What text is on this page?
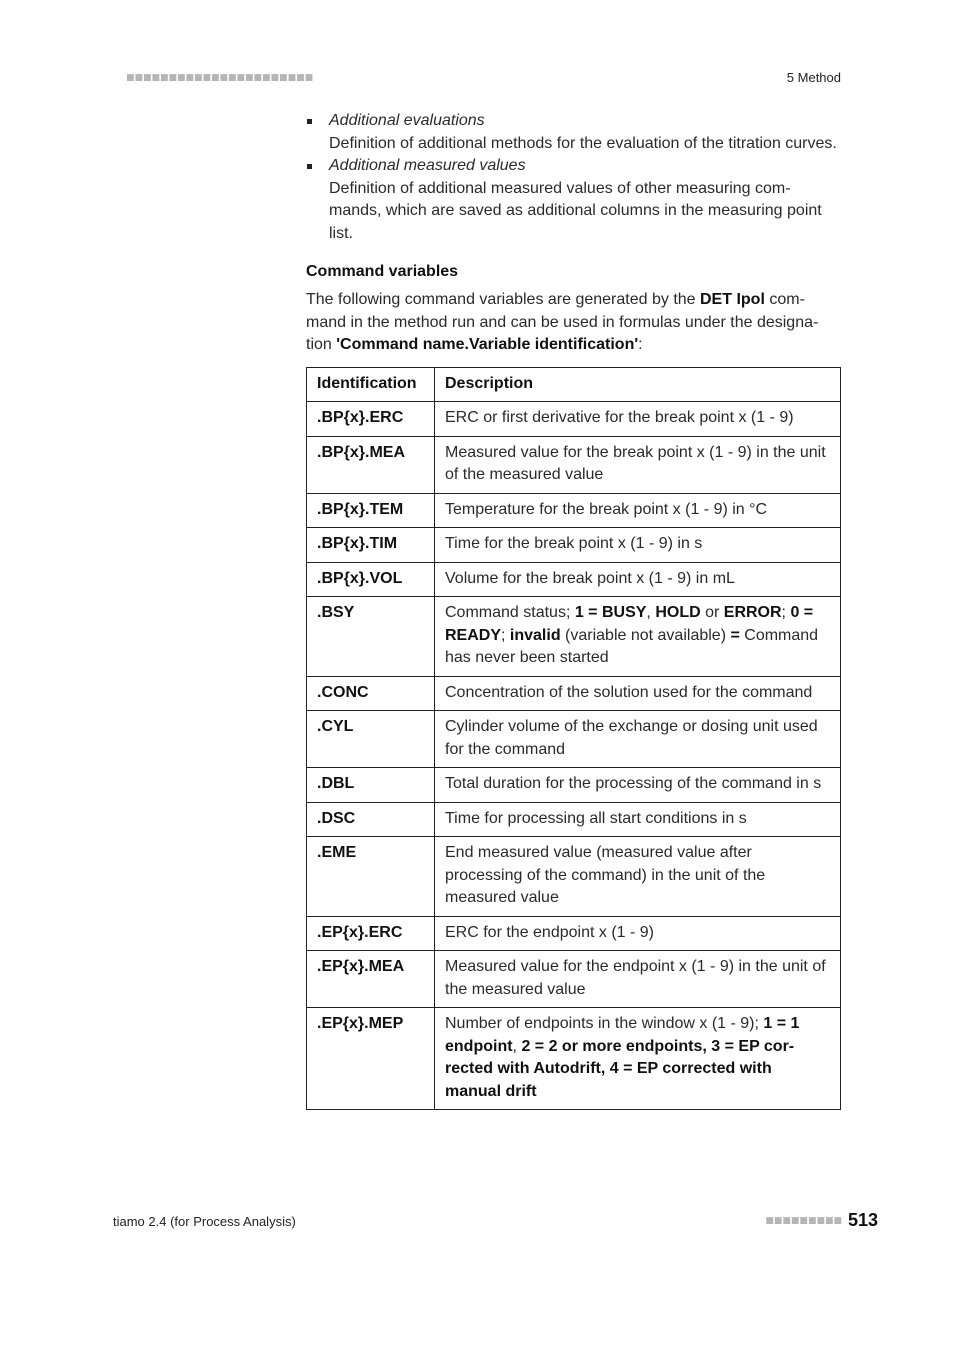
■■■■■■■■■■■■■■■■■■■■■■	5 Method
Additional evaluations
Definition of additional methods for the evaluation of the titration curves.
Additional measured values
Definition of additional measured values of other measuring com-mands, which are saved as additional columns in the measuring point list.
Command variables

The following command variables are generated by the DET Ipol com-mand in the method run and can be used in formulas under the designa-tion 'Command name.Variable identification':

Identification	Description
.BP{x}.ERC	ERC or first derivative for the break point x (1 - 9)
.BP{x}.MEA	Measured value for the break point x (1 - 9) in the unit of the measured value
.BP{x}.TEM	Temperature for the break point x (1 - 9) in °C
.BP{x}.TIM	Time for the break point x (1 - 9) in s
.BP{x}.VOL	Volume for the break point x (1 - 9) in mL
.BSY	Command status; 1 = BUSY, HOLD or ERROR; 0 = READY; invalid (variable not available) = Command has never been started
.CONC	Concentration of the solution used for the command
.CYL	Cylinder volume of the exchange or dosing unit used for the command
.DBL	Total duration for the processing of the command in s
.DSC	Time for processing all start conditions in s
.EME	End measured value (measured value after processing of the command) in the unit of the measured value
.EP{x}.ERC	ERC for the endpoint x (1 - 9)
.EP{x}.MEA	Measured value for the endpoint x (1 - 9) in the unit of the measured value
.EP{x}.MEP	Number of endpoints in the window x (1 - 9); 1 = 1 endpoint, 2 = 2 or more endpoints, 3 = EP cor-rected with Autodrift, 4 = EP corrected with manual drift
tiamo 2.4 (for Process Analysis)	■■■■■■■■■ 513
